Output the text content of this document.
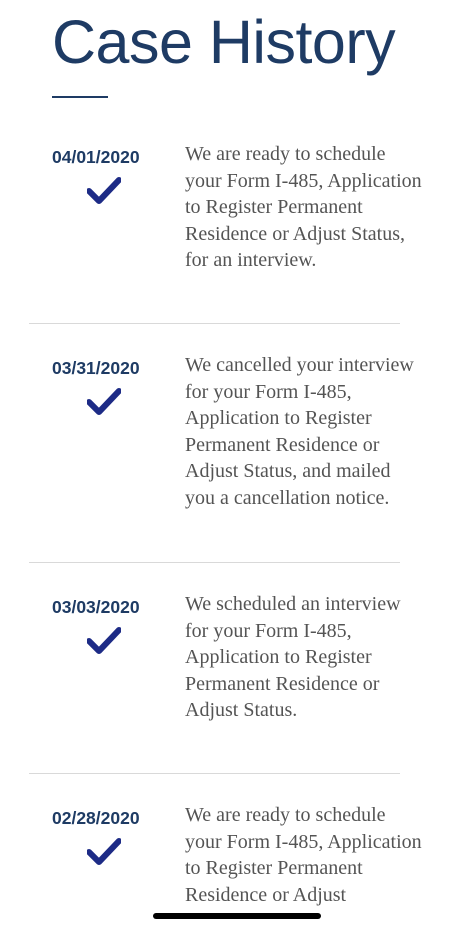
Case History
04/01/2020 We are ready to schedule your Form I-485, Application to Register Permanent Residence or Adjust Status, for an interview.
03/31/2020 We cancelled your interview for your Form I-485, Application to Register Permanent Residence or Adjust Status, and mailed you a cancellation notice.
03/03/2020 We scheduled an interview for your Form I-485, Application to Register Permanent Residence or Adjust Status.
02/28/2020 We are ready to schedule your Form I-485, Application to Register Permanent Residence or Adjust
